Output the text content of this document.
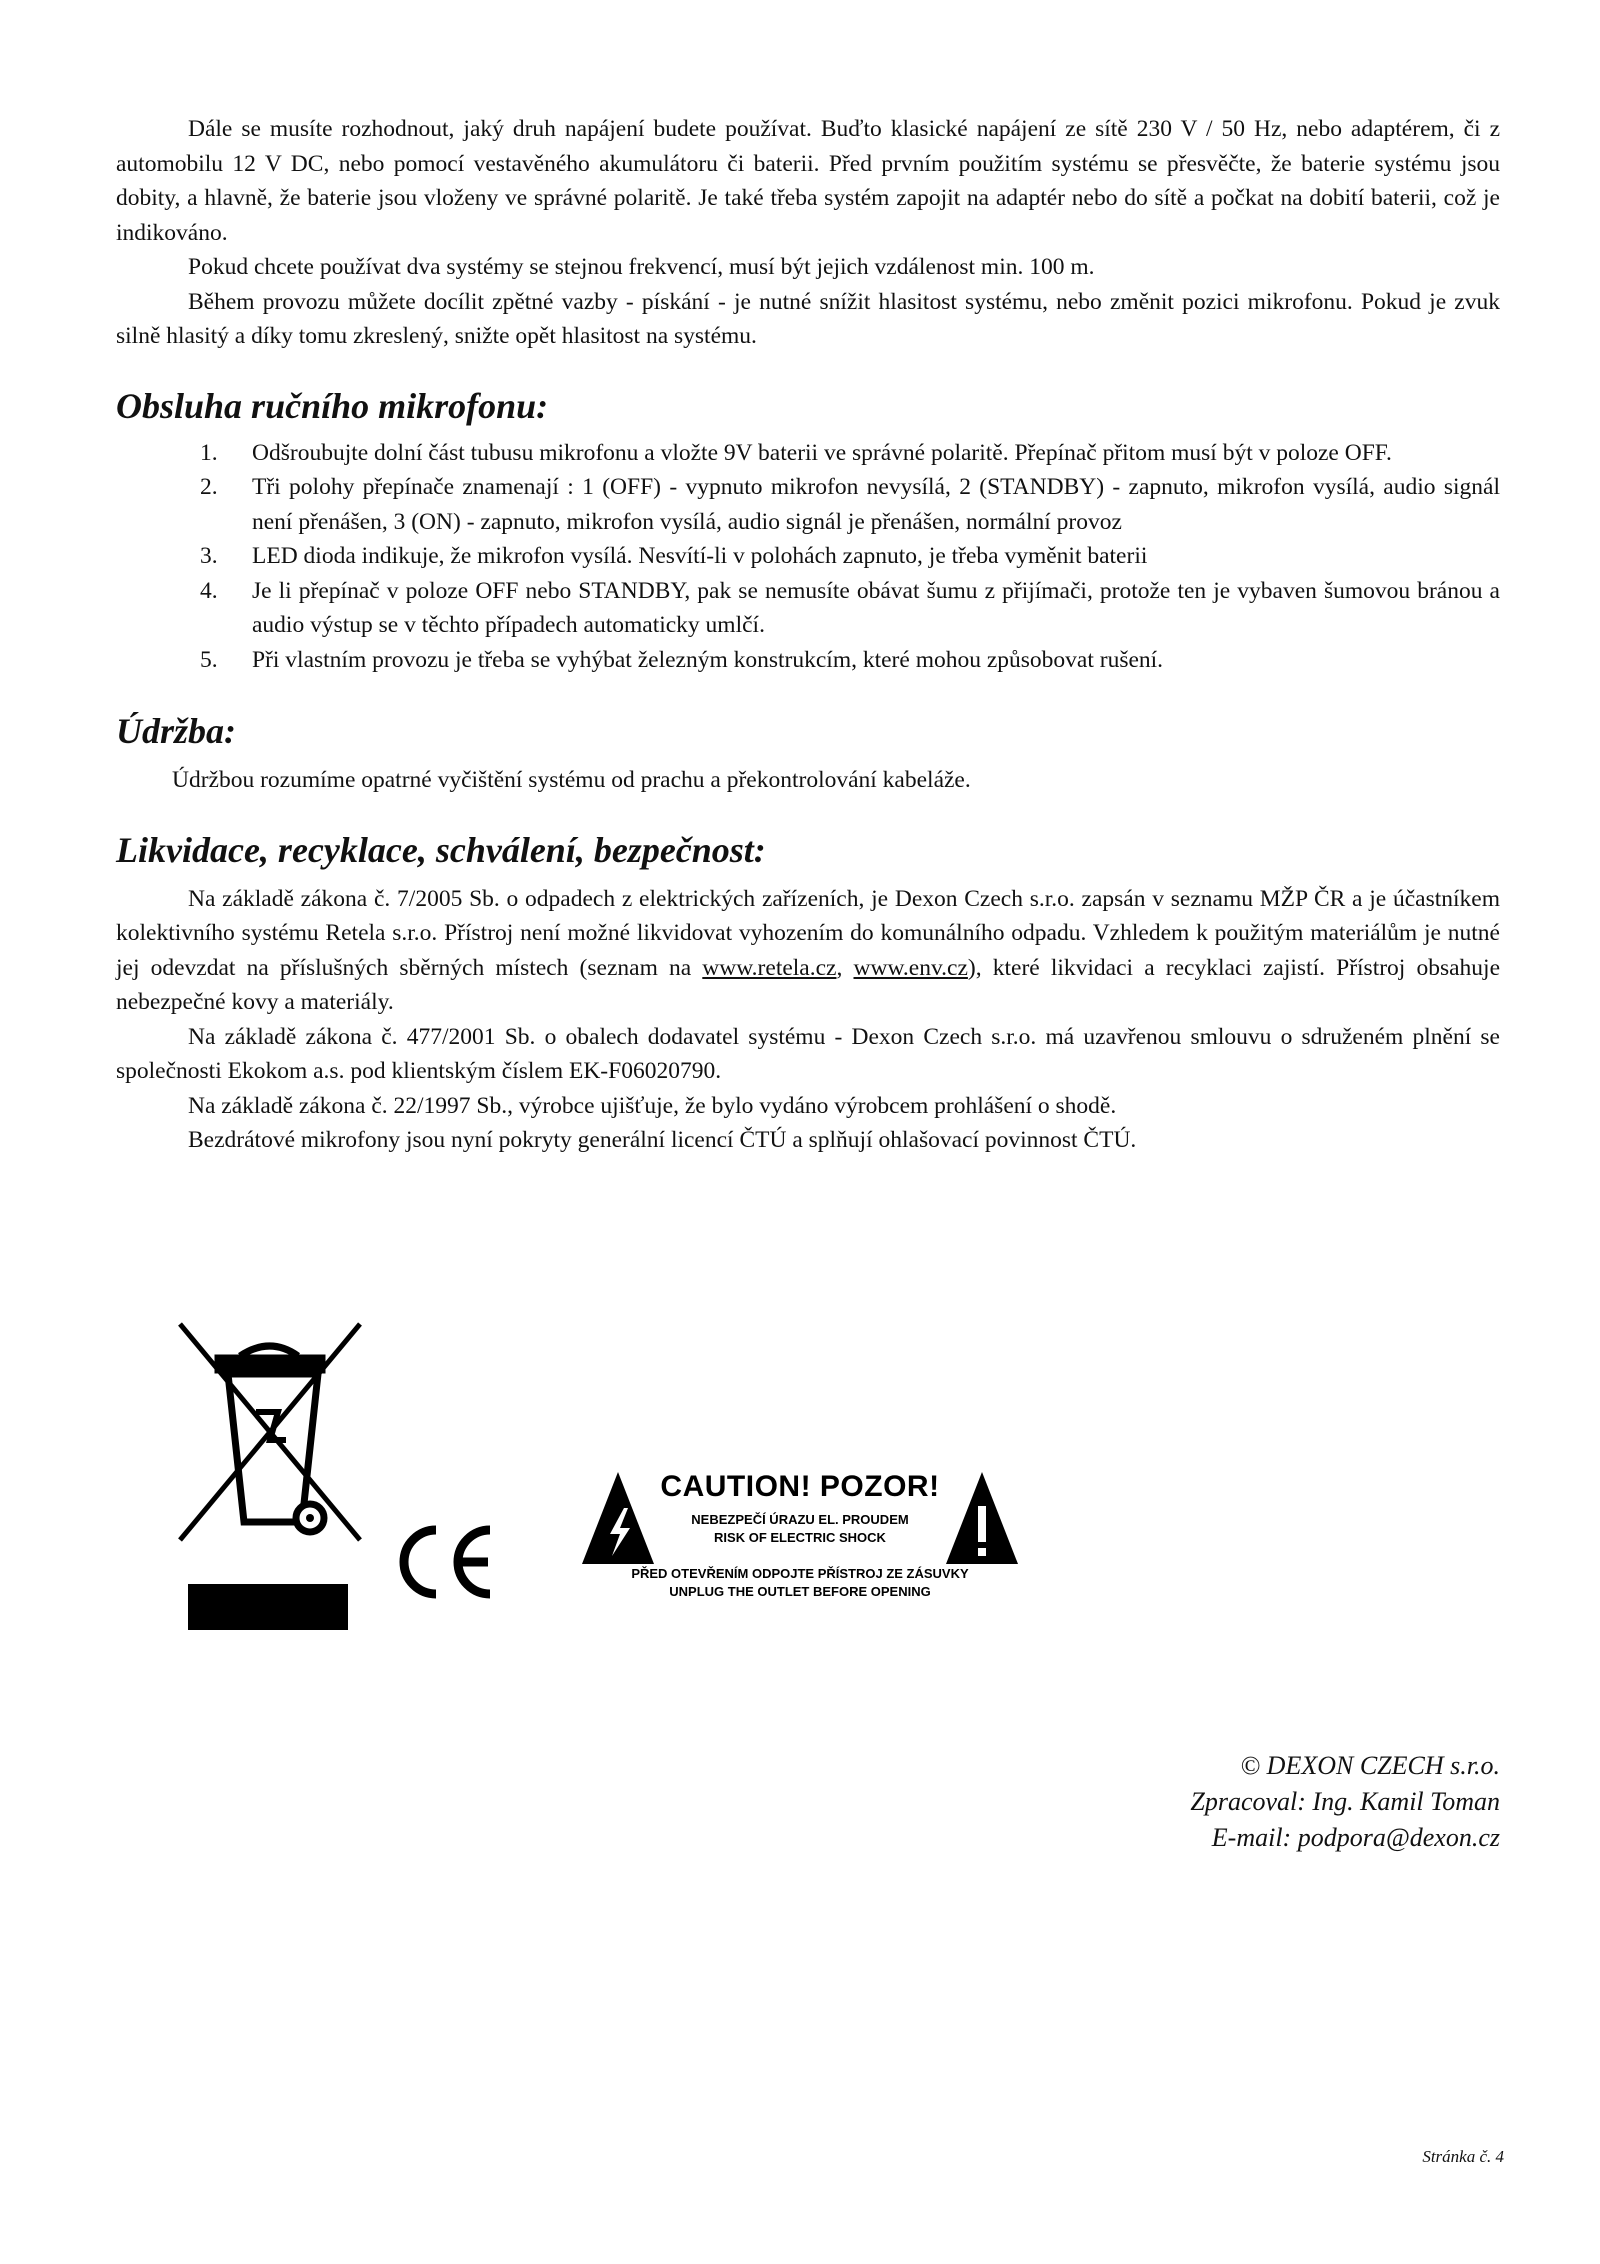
Dále se musíte rozhodnout, jaký druh napájení budete používat. Buďto klasické napájení ze sítě 230 V / 50 Hz, nebo adaptérem, či z automobilu 12 V DC, nebo pomocí vestavěného akumulátoru či baterii. Před prvním použitím systému se přesvěčte, že baterie systému jsou dobity, a hlavně, že baterie jsou vloženy ve správné polaritě. Je také třeba systém zapojit na adaptér nebo do sítě a počkat na dobití baterii, což je indikováno.

Pokud chcete používat dva systémy se stejnou frekvencí, musí být jejich vzdálenost min. 100 m.

Během provozu můžete docílit zpětné vazby - pískání - je nutné snížit hlasitost systému, nebo změnit pozici mikrofonu. Pokud je zvuk silně hlasitý a díky tomu zkreslený, snižte opět hlasitost na systému.

Obsluha ručního mikrofonu:
1.	Odšroubujte dolní část tubusu mikrofonu a vložte 9V baterii ve správné polaritě. Přepínač přitom musí být v poloze OFF.
2.	Tři polohy přepínače znamenají : 1 (OFF) - vypnuto mikrofon nevysílá, 2 (STANDBY) - zapnuto, mikrofon vysílá, audio signál není přenášen, 3 (ON) - zapnuto, mikrofon vysílá, audio signál je přenášen, normální provoz
3.	LED dioda indikuje, že mikrofon vysílá. Nesvítí-li v polohách zapnuto, je třeba vyměnit baterii
4.	Je li přepínač v poloze OFF nebo STANDBY, pak se nemusíte obávat šumu z přijímači, protože ten je vybaven šumovou bránou a audio výstup se v těchto případech automaticky umlčí.
5.	Při vlastním provozu je třeba se vyhýbat železným konstrukcím, které mohou způsobovat rušení.
Údržba:

Údržbou rozumíme opatrné vyčištění systému od prachu a překontrolování kabeláže.

Likvidace, recyklace, schválení, bezpečnost:

Na základě zákona č. 7/2005 Sb. o odpadech z elektrických zařízeních, je Dexon Czech s.r.o. zapsán v seznamu MŽP ČR a je účastníkem kolektivního systému Retela s.r.o. Přístroj není možné likvidovat vyhozením do komunálního odpadu. Vzhledem k použitým materiálům je nutné jej odevzdat na příslušných sběrných místech (seznam na www.retela.cz, www.env.cz), které likvidaci a recyklaci zajistí. Přístroj obsahuje nebezpečné kovy a materiály.

Na základě zákona č. 477/2001 Sb. o obalech dodavatel systému - Dexon Czech s.r.o. má uzavřenou smlouvu o sdruženém plnění se společnosti Ekokom a.s. pod klientským číslem EK-F06020790.

Na základě zákona č. 22/1997 Sb., výrobce ujišťuje, že bylo vydáno výrobcem prohlášení o shodě.

Bezdrátové mikrofony jsou nyní pokryty generální licencí ČTÚ a splňují ohlašovací povinnost ČTÚ.

CAUTION! POZOR!
NEBEZPEČÍ ÚRAZU EL. PROUDEM
RISK OF ELECTRIC SHOCK
PŘED OTEVŘENÍM ODPOJTE PŘÍSTROJ ZE ZÁSUVKY
UNPLUG THE OUTLET BEFORE OPENING
© DEXON CZECH s.r.o.
Zpracoval: Ing. Kamil Toman
E-mail: podpora@dexon.cz
Stránka č. 4
